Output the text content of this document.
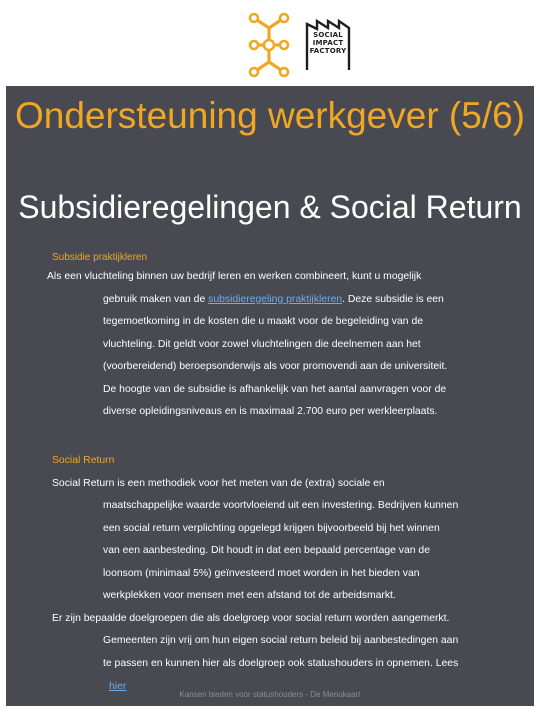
SOCIAL
IMPACT
FACTORY
Ondersteuning werkgever (5/6)
Subsidieregelingen & Social Return
Subsidie praktijkleren

Als een vluchteling binnen uw bedrijf leren en werken combineert, kunt u mogelijk

gebruik maken van de subsidieregeling praktijkleren. Deze subsidie is een

tegemoetkoming in de kosten die u maakt voor de begeleiding van de

vluchteling. Dit geldt voor zowel vluchtelingen die deelnemen aan het

(voorbereidend) beroepsonderwijs als voor promovendi aan de universiteit.

De hoogte van de subsidie is afhankelijk van het aantal aanvragen voor de

diverse opleidingsniveaus en is maximaal 2.700 euro per werkleerplaats.

Social Return

Social Return is een methodiek voor het meten van de (extra) sociale en

maatschappelijke waarde voortvloeiend uit een investering. Bedrijven kunnen

een social return verplichting opgelegd krijgen bijvoorbeeld bij het winnen

van een aanbesteding. Dit houdt in dat een bepaald percentage van de

loonsom (minimaal 5%) geïnvesteerd moet worden in het bieden van

werkplekken voor mensen met een afstand tot de arbeidsmarkt.

Er zijn bepaalde doelgroepen die als doelgroep voor social return worden aangemerkt.

Gemeenten zijn vrij om hun eigen social return beleid bij aanbestedingen aan

te passen en kunnen hier als doelgroep ook statushouders in opnemen. Lees

hier
Kansen bieden voor statushouders - De Menukaart
